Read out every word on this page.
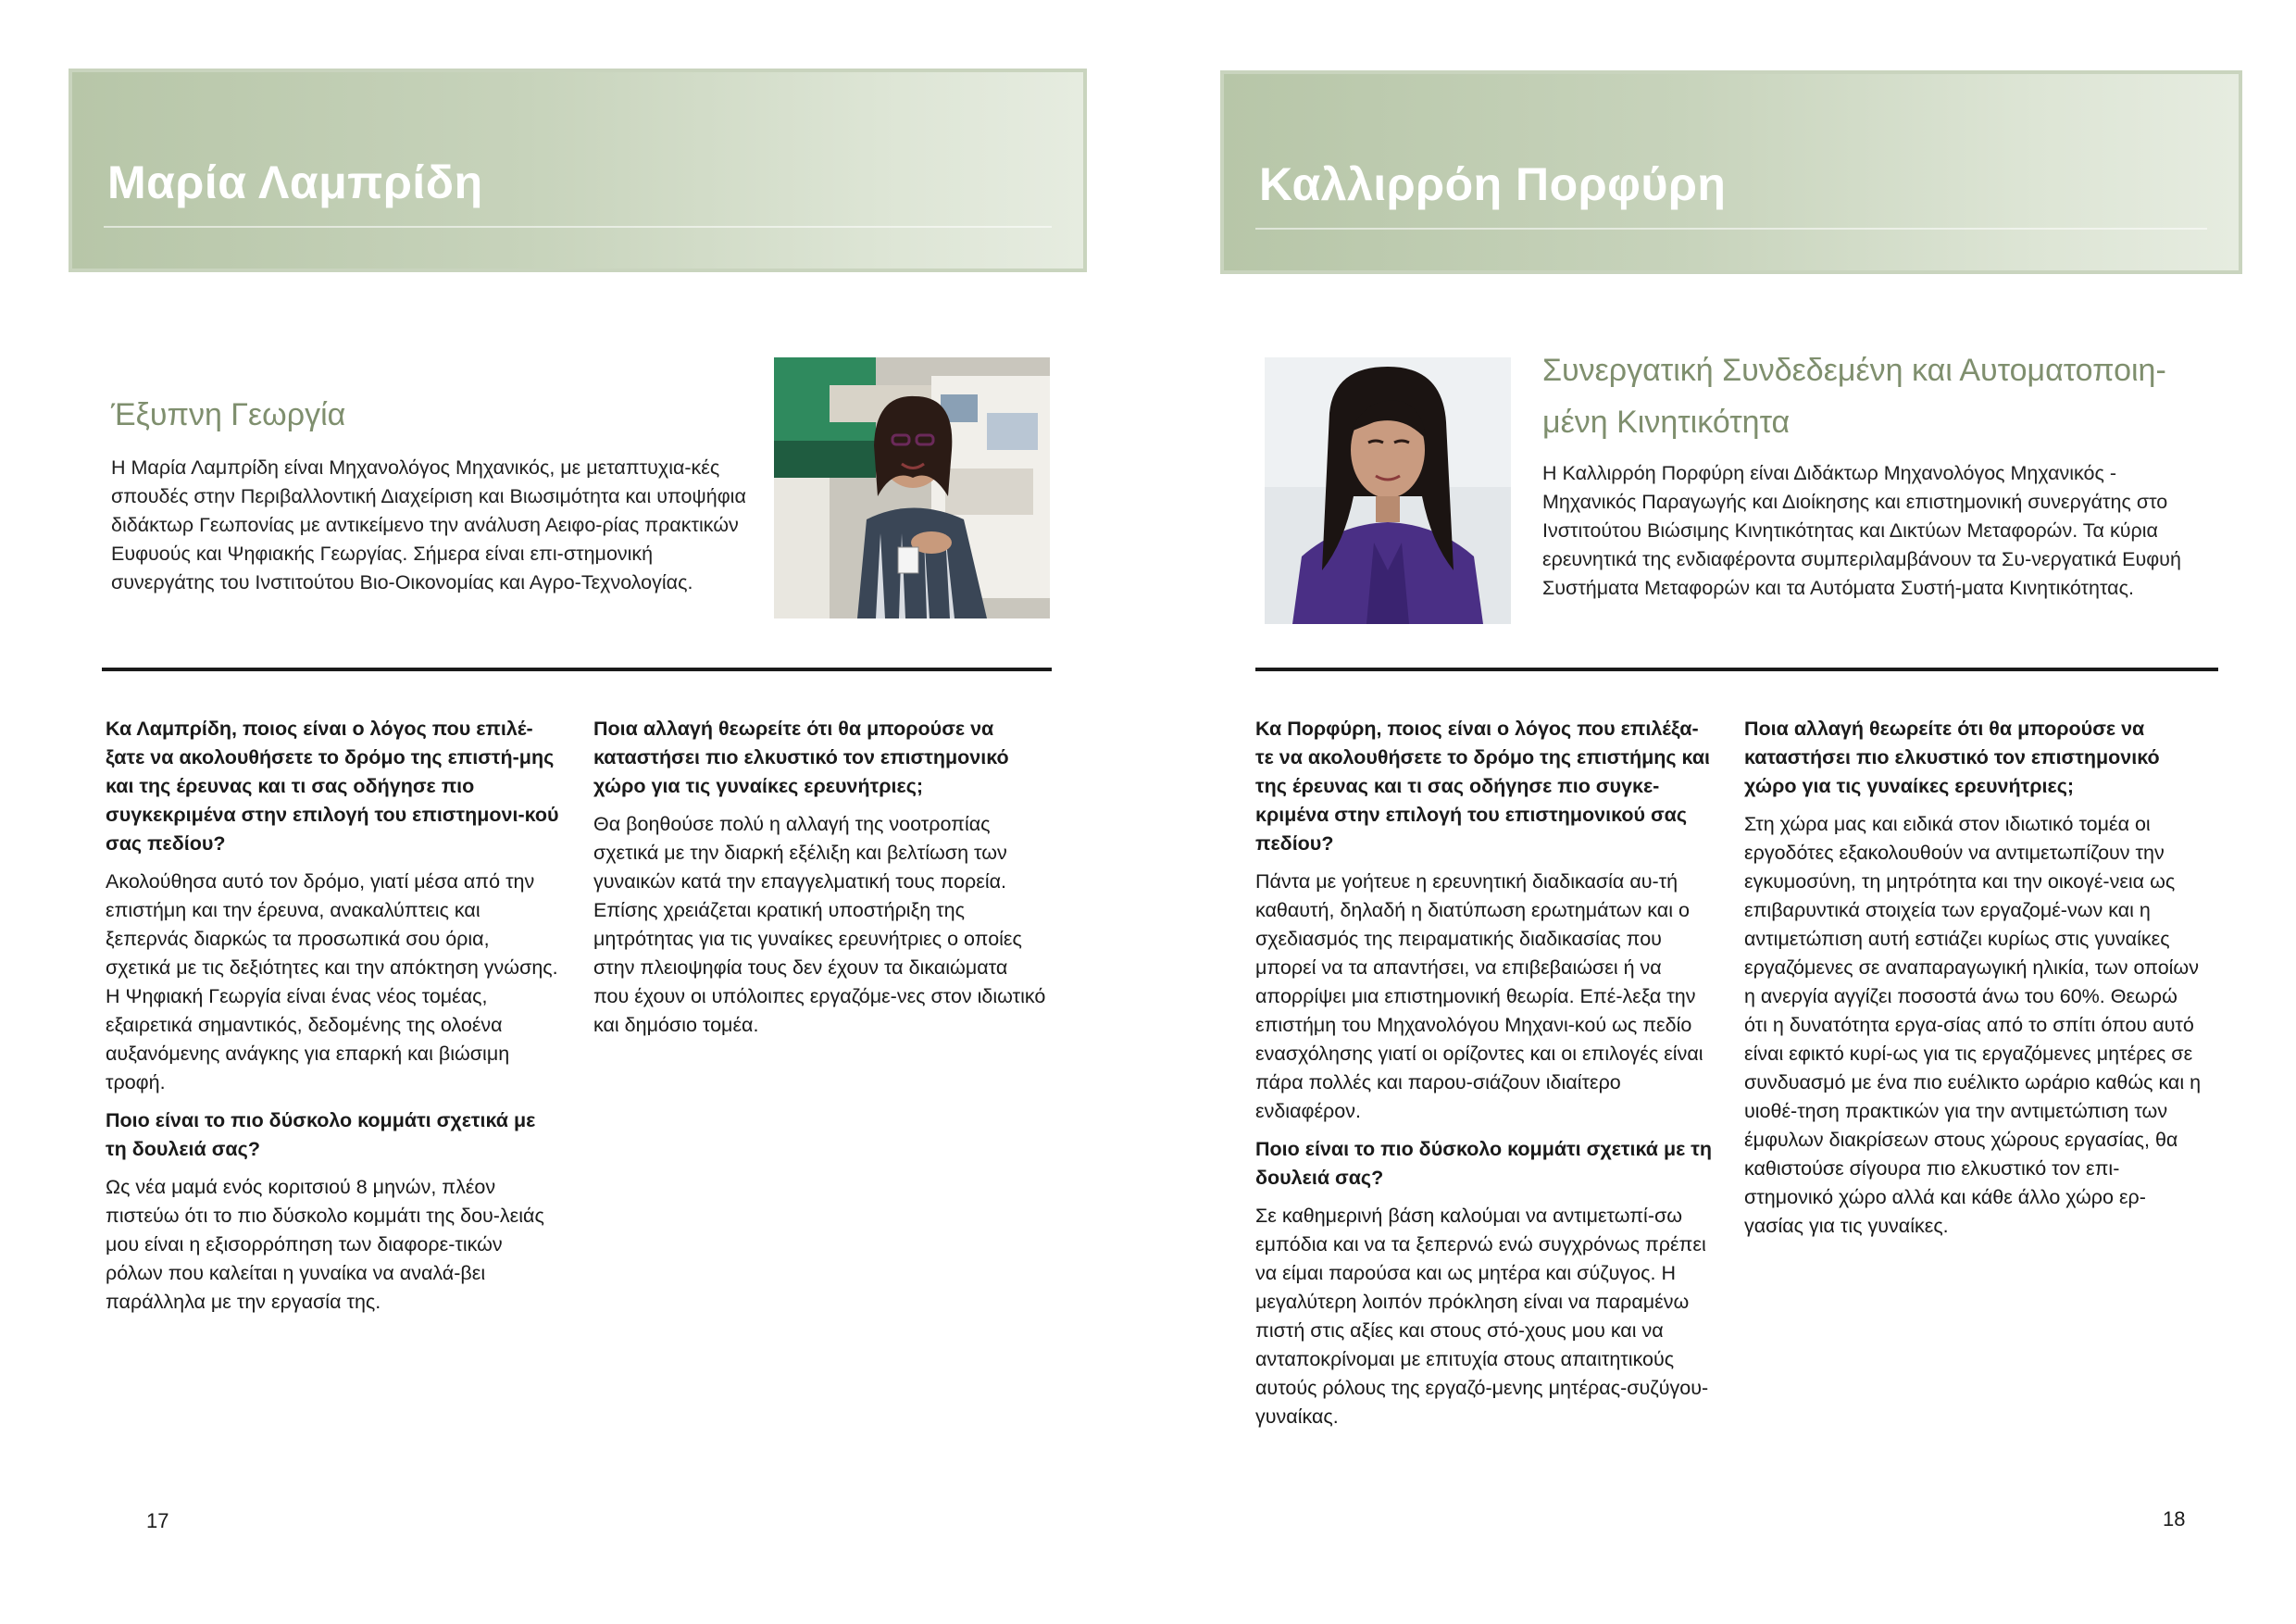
Μαρία Λαμπρίδη
Έξυπνη Γεωργία
Η Μαρία Λαμπρίδη είναι Μηχανολόγος Μηχανικός, με μεταπτυχια-κές σπουδές στην Περιβαλλοντική Διαχείριση και Βιωσιμότητα και υποψήφια διδάκτωρ Γεωπονίας με αντικείμενο την ανάλυση Αειφο-ρίας πρακτικών Ευφυούς και Ψηφιακής Γεωργίας. Σήμερα είναι επι-στημονική συνεργάτης του Ινστιτούτου Βιο-Οικονομίας και Αγρο-Τεχνολογίας.

Κα Λαμπρίδη, ποιος είναι ο λόγος που επιλέ-ξατε να ακολουθήσετε το δρόμο της επιστή-μης και της έρευνας και τι σας οδήγησε πιο συγκεκριμένα στην επιλογή του επιστημονι-κού σας πεδίου?

Ακολούθησα αυτό τον δρόμο, γιατί μέσα από την επιστήμη και την έρευνα, ανακαλύπτεις και ξεπερνάς διαρκώς τα προσωπικά σου όρια, σχετικά με τις δεξιότητες και την απόκτηση γνώσης. Η Ψηφιακή Γεωργία είναι ένας νέος τομέας, εξαιρετικά σημαντικός, δεδομένης της ολοένα αυξανόμενης ανάγκης για επαρκή και βιώσιμη τροφή.

Ποιο είναι το πιο δύσκολο κομμάτι σχετικά με τη δουλειά σας?

Ως νέα μαμά ενός κοριτσιού 8 μηνών, πλέον πιστεύω ότι το πιο δύσκολο κομμάτι της δου-λειάς μου είναι η εξισορρόπηση των διαφορε-τικών ρόλων που καλείται η γυναίκα να αναλά-βει παράλληλα με την εργασία της.

Ποια αλλαγή θεωρείτε ότι θα μπορούσε να καταστήσει πιο ελκυστικό τον επιστημονικό χώρο για τις γυναίκες ερευνήτριες;

Θα βοηθούσε πολύ η αλλαγή της νοοτροπίας σχετικά με την διαρκή εξέλιξη και βελτίωση των γυναικών κατά την επαγγελματική τους πορεία. Επίσης χρειάζεται κρατική υποστήριξη της μητρότητας για τις γυναίκες ερευνήτριες ο οποίες στην πλειοψηφία τους δεν έχουν τα δικαιώματα που έχουν οι υπόλοιπες εργαζόμε-νες στον ιδιωτικό και δημόσιο τομέα.

17
Καλλιρρόη Πορφύρη
Συνεργατική Συνδεδεμένη και Αυτοματοποιη-μένη Κινητικότητα
Η Καλλιρρόη Πορφύρη είναι Διδάκτωρ Μηχανολόγος Μηχανικός - Μηχανικός Παραγωγής και Διοίκησης και επιστημονική συνεργάτης στο Ινστιτούτου Βιώσιμης Κινητικότητας και Δικτύων Μεταφορών. Τα κύρια ερευνητικά της ενδιαφέροντα συμπεριλαμβάνουν τα Συ-νεργατικά Ευφυή Συστήματα Μεταφορών και τα Αυτόματα Συστή-ματα Κινητικότητας.

Κα Πορφύρη, ποιος είναι ο λόγος που επιλέξα-τε να ακολουθήσετε το δρόμο της επιστήμης και της έρευνας και τι σας οδήγησε πιο συγκε-κριμένα στην επιλογή του επιστημονικού σας πεδίου?

Πάντα με γοήτευε η ερευνητική διαδικασία αυ-τή καθαυτή, δηλαδή η διατύπωση ερωτημάτων και ο σχεδιασμός της πειραματικής διαδικασίας που μπορεί να τα απαντήσει, να επιβεβαιώσει ή να απορρίψει μια επιστημονική θεωρία. Επέ-λεξα την επιστήμη του Μηχανολόγου Μηχανι-κού ως πεδίο ενασχόλησης γιατί οι ορίζοντες και οι επιλογές είναι πάρα πολλές και παρου-σιάζουν ιδιαίτερο ενδιαφέρον.

Ποιο είναι το πιο δύσκολο κομμάτι σχετικά με τη δουλειά σας?

Σε καθημερινή βάση καλούμαι να αντιμετωπί-σω εμπόδια και να τα ξεπερνώ ενώ συγχρόνως πρέπει να είμαι παρούσα και ως μητέρα και σύζυγος. Η μεγαλύτερη λοιπόν πρόκληση είναι να παραμένω πιστή στις αξίες και στους στό-χους μου και να ανταποκρίνομαι με επιτυχία στους απαιτητικούς αυτούς ρόλους της εργαζό-μενης μητέρας-συζύγου-γυναίκας.

Ποια αλλαγή θεωρείτε ότι θα μπορούσε να καταστήσει πιο ελκυστικό τον επιστημονικό χώρο για τις γυναίκες ερευνήτριες;

Στη χώρα μας και ειδικά στον ιδιωτικό τομέα οι εργοδότες εξακολουθούν να αντιμετωπίζουν την εγκυμοσύνη, τη μητρότητα και την οικογέ-νεια ως επιβαρυντικά στοιχεία των εργαζομέ-νων και η αντιμετώπιση αυτή εστιάζει κυρίως στις γυναίκες εργαζόμενες σε αναπαραγωγική ηλικία, των οποίων η ανεργία αγγίζει ποσοστά άνω του 60%. Θεωρώ ότι η δυνατότητα εργα-σίας από το σπίτι όπου αυτό είναι εφικτό κυρί-ως για τις εργαζόμενες μητέρες σε συνδυασμό με ένα πιο ευέλικτο ωράριο καθώς και η υιοθέ-τηση πρακτικών για την αντιμετώπιση των έμφυλων διακρίσεων στους χώρους εργασίας, θα καθιστούσε σίγουρα πιο ελκυστικό τον επι-στημονικό χώρο αλλά και κάθε άλλο χώρο ερ-γασίας για τις γυναίκες.

18
